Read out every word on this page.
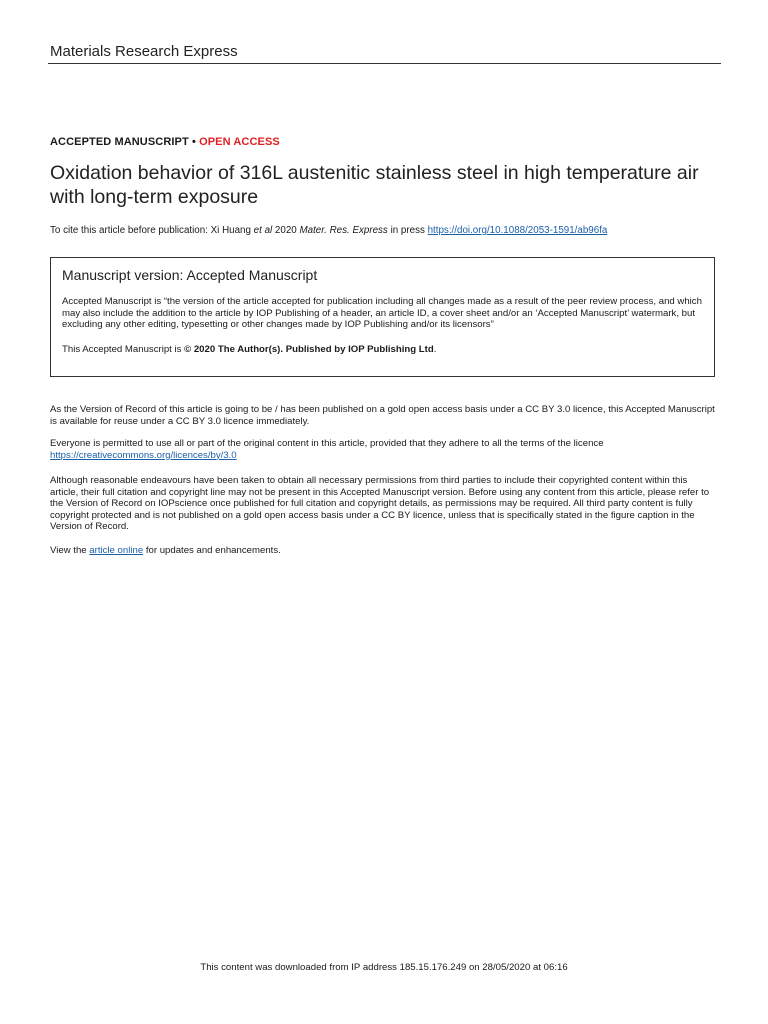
Materials Research Express
ACCEPTED MANUSCRIPT • OPEN ACCESS
Oxidation behavior of 316L austenitic stainless steel in high temperature air with long-term exposure
To cite this article before publication: Xi Huang et al 2020 Mater. Res. Express in press https://doi.org/10.1088/2053-1591/ab96fa
Manuscript version: Accepted Manuscript
Accepted Manuscript is “the version of the article accepted for publication including all changes made as a result of the peer review process, and which may also include the addition to the article by IOP Publishing of a header, an article ID, a cover sheet and/or an ‘Accepted Manuscript’ watermark, but excluding any other editing, typesetting or other changes made by IOP Publishing and/or its licensors”
This Accepted Manuscript is © 2020 The Author(s). Published by IOP Publishing Ltd.
As the Version of Record of this article is going to be / has been published on a gold open access basis under a CC BY 3.0 licence, this Accepted Manuscript is available for reuse under a CC BY 3.0 licence immediately.
Everyone is permitted to use all or part of the original content in this article, provided that they adhere to all the terms of the licence
https://creativecommons.org/licences/by/3.0
Although reasonable endeavours have been taken to obtain all necessary permissions from third parties to include their copyrighted content within this article, their full citation and copyright line may not be present in this Accepted Manuscript version. Before using any content from this article, please refer to the Version of Record on IOPscience once published for full citation and copyright details, as permissions may be required. All third party content is fully copyright protected and is not published on a gold open access basis under a CC BY licence, unless that is specifically stated in the figure caption in the Version of Record.
View the article online for updates and enhancements.
This content was downloaded from IP address 185.15.176.249 on 28/05/2020 at 06:16
